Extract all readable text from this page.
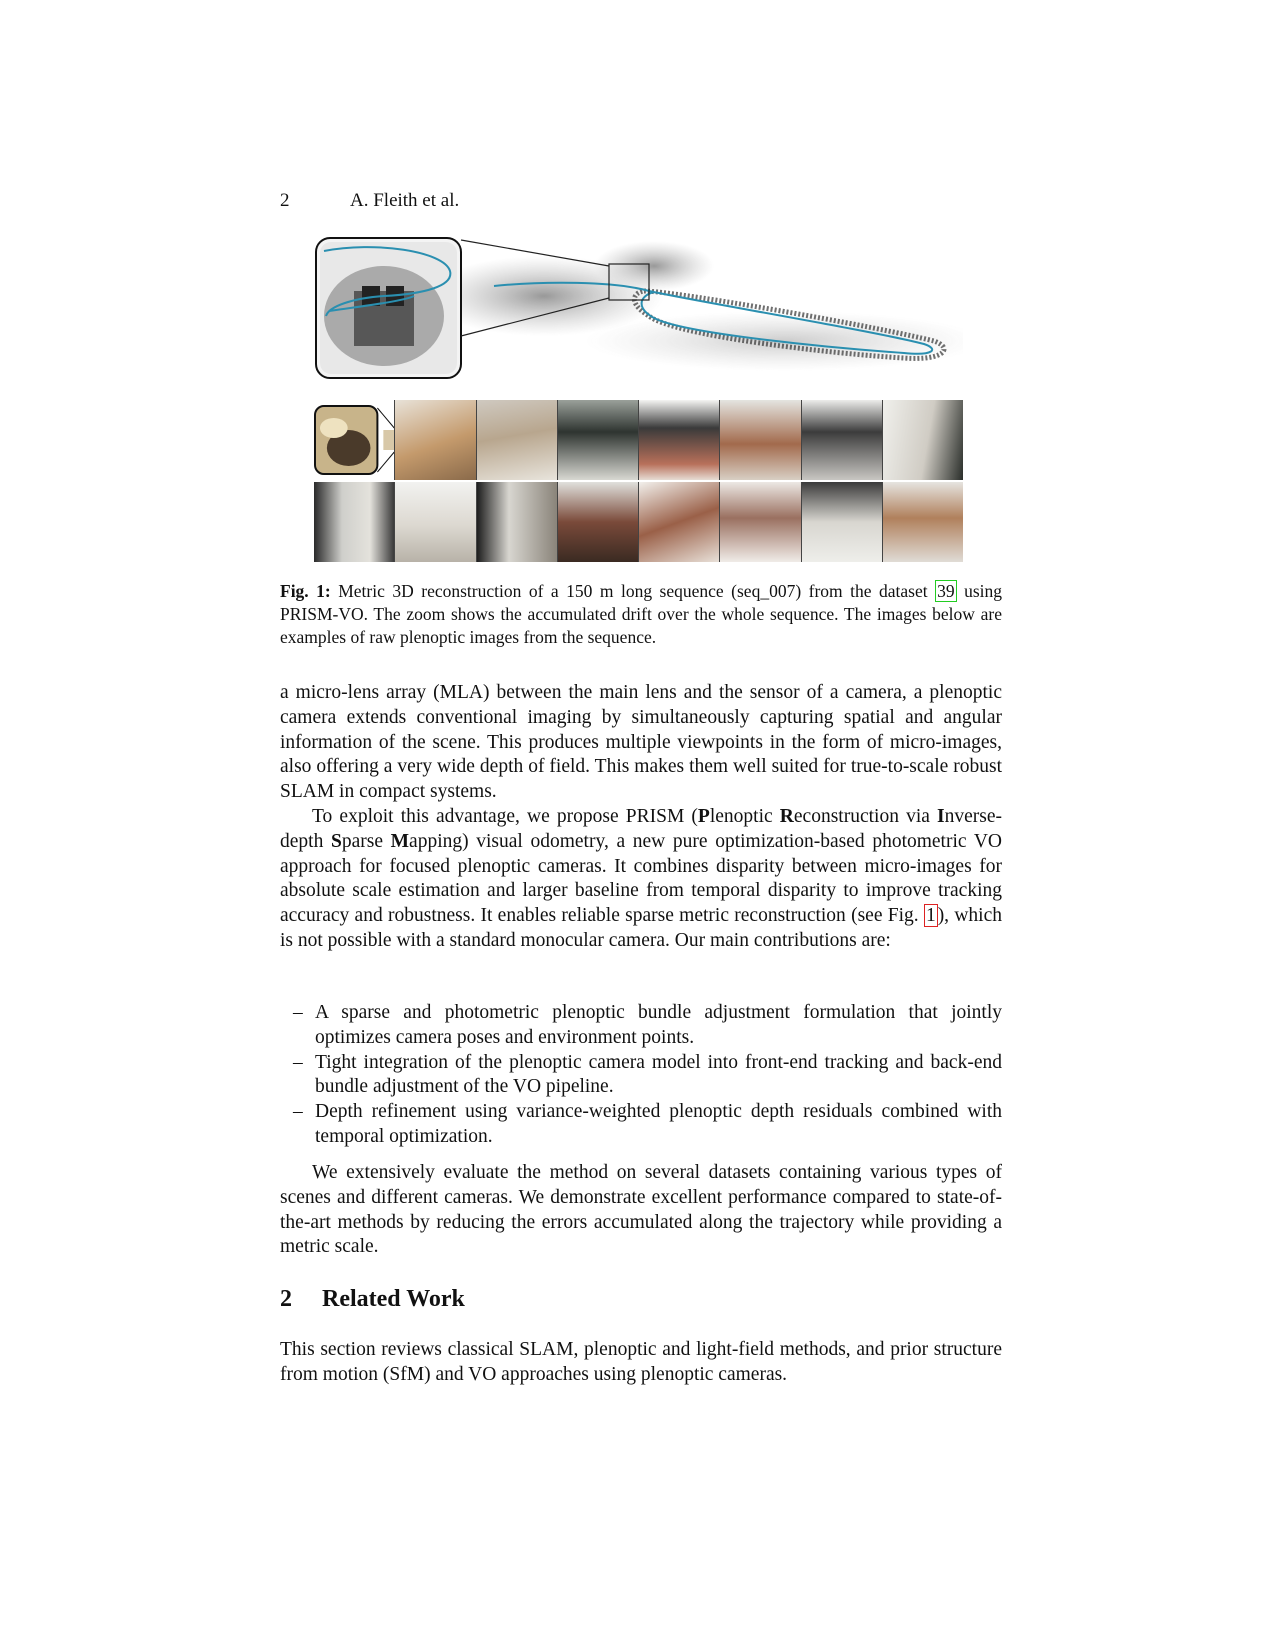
2	A. Fleith et al.
Fig. 1: Metric 3D reconstruction of a 150 m long sequence (seq_007) from the dataset 39 using PRISM-VO. The zoom shows the accumulated drift over the whole sequence. The images below are examples of raw plenoptic images from the sequence.

a micro-lens array (MLA) between the main lens and the sensor of a camera, a plenoptic camera extends conventional imaging by simultaneously capturing spatial and angular information of the scene. This produces multiple viewpoints in the form of micro-images, also offering a very wide depth of field. This makes them well suited for true-to-scale robust SLAM in compact systems.

To exploit this advantage, we propose PRISM (Plenoptic Reconstruction via Inverse-depth Sparse Mapping) visual odometry, a new pure optimization-based photometric VO approach for focused plenoptic cameras. It combines disparity between micro-images for absolute scale estimation and larger baseline from temporal disparity to improve tracking accuracy and robustness. It enables reliable sparse metric reconstruction (see Fig. 1 ), which is not possible with a standard monocular camera. Our main contributions are:

– A sparse and photometric plenoptic bundle adjustment formulation that jointly optimizes camera poses and environment points.
– Tight integration of the plenoptic camera model into front-end tracking and back-end bundle adjustment of the VO pipeline.
– Depth refinement using variance-weighted plenoptic depth residuals combined with temporal optimization.

We extensively evaluate the method on several datasets containing various types of scenes and different cameras. We demonstrate excellent performance compared to state-of-the-art methods by reducing the errors accumulated along the trajectory while providing a metric scale.

2 Related Work

This section reviews classical SLAM, plenoptic and light-field methods, and prior structure from motion (SfM) and VO approaches using plenoptic cameras.
